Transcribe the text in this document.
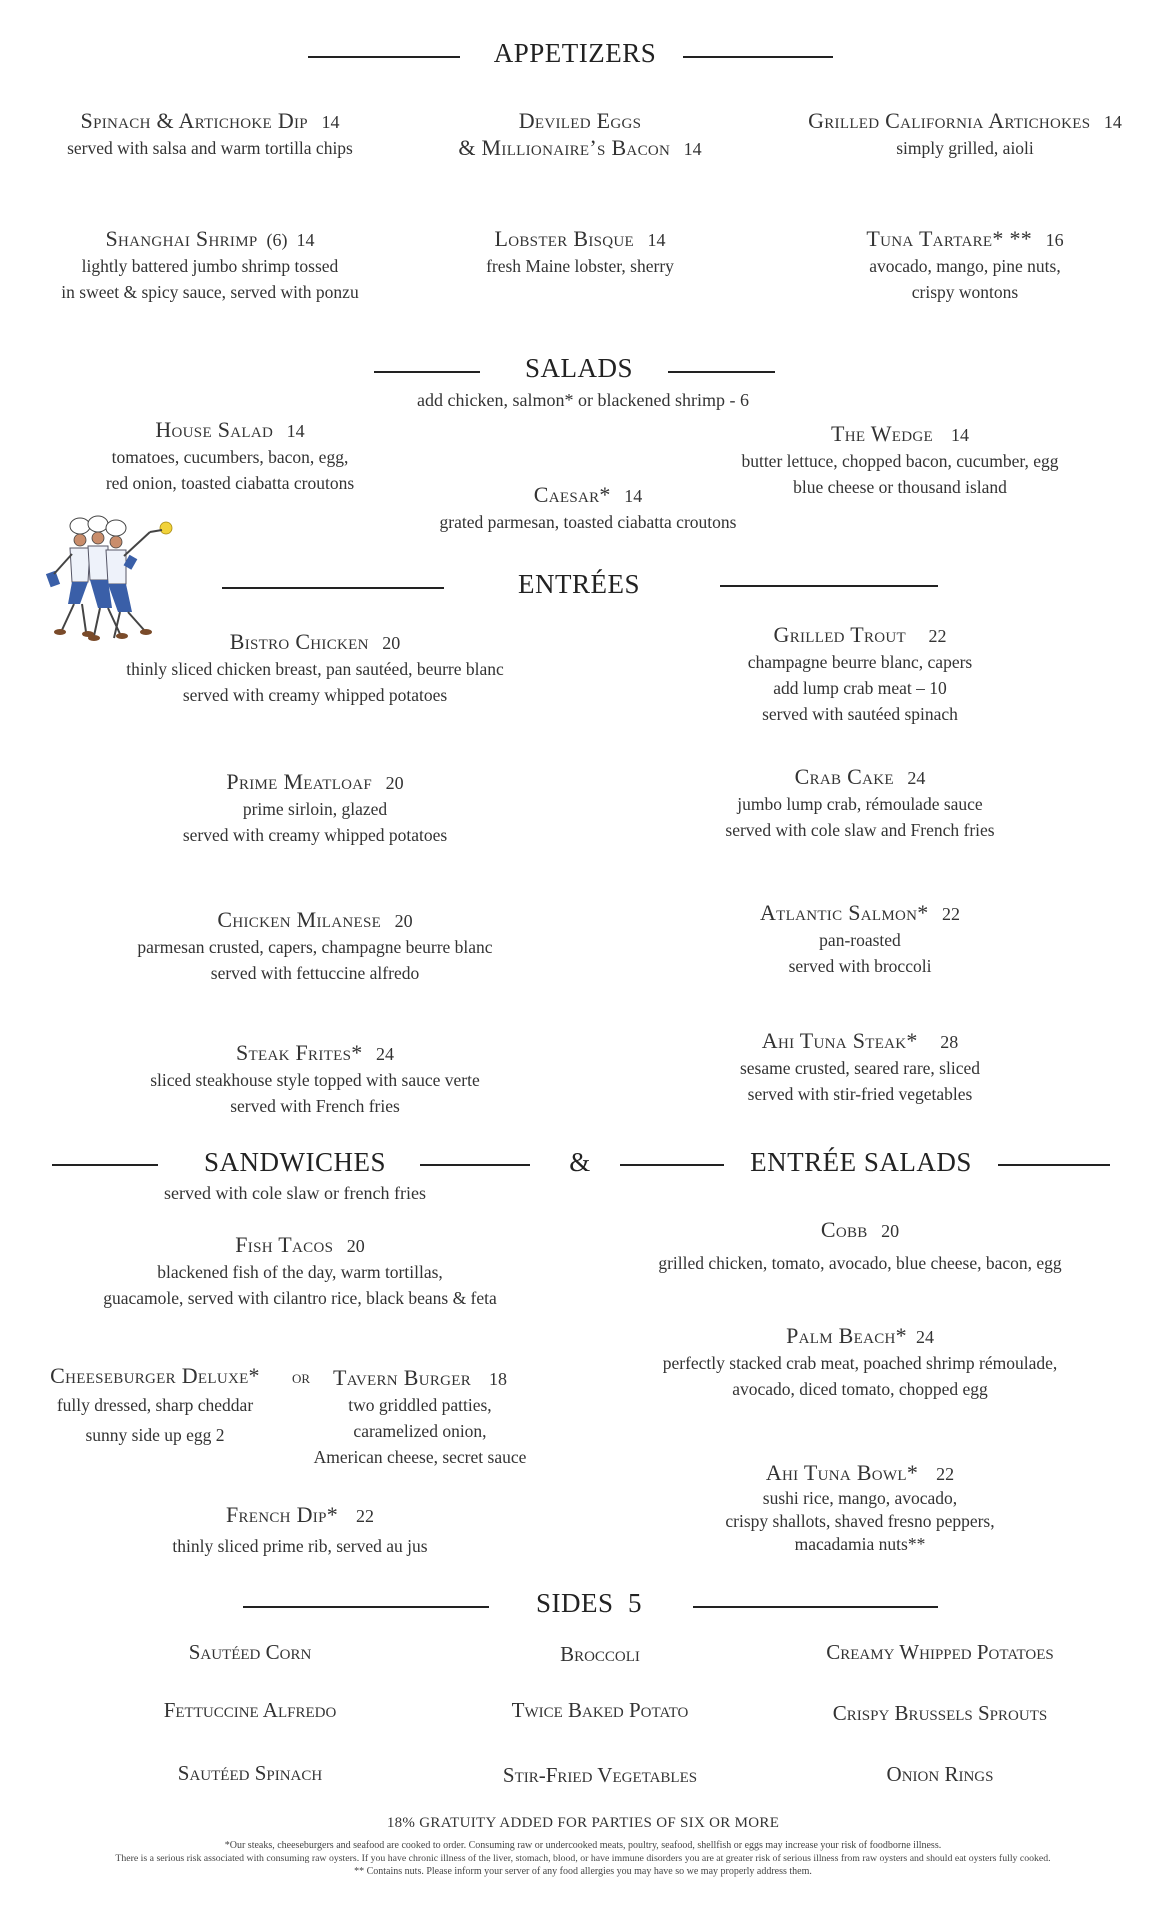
APPETIZERS
Spinach & Artichoke Dip 14
served with salsa and warm tortilla chips
Deviled Eggs
& Millionaire’s Bacon 14
Grilled California Artichokes 14
simply grilled, aioli
Shanghai Shrimp (6) 14
lightly battered jumbo shrimp tossed
in sweet & spicy sauce, served with ponzu
Lobster Bisque 14
fresh Maine lobster, sherry
Tuna Tartare* ** 16
avocado, mango, pine nuts,
crispy wontons
SALADS
add chicken, salmon* or blackened shrimp - 6
House Salad 14
tomatoes, cucumbers, bacon, egg,
red onion, toasted ciabatta croutons
The Wedge 14
butter lettuce, chopped bacon, cucumber, egg
blue cheese or thousand island
Caesar* 14
grated parmesan, toasted ciabatta croutons
ENTRÉES
Bistro Chicken 20
thinly sliced chicken breast, pan sautéed, beurre blanc
served with creamy whipped potatoes
Grilled Trout 22
champagne beurre blanc, capers
add lump crab meat – 10
served with sautéed spinach
Prime Meatloaf 20
prime sirloin, glazed
served with creamy whipped potatoes
Crab Cake 24
jumbo lump crab, rémoulade sauce
served with cole slaw and French fries
Chicken Milanese 20
parmesan crusted, capers, champagne beurre blanc
served with fettuccine alfredo
Atlantic Salmon* 22
pan-roasted
served with broccoli
Steak Frites* 24
sliced steakhouse style topped with sauce verte
served with French fries
Ahi Tuna Steak* 28
sesame crusted, seared rare, sliced
served with stir-fried vegetables
SANDWICHES	&	ENTRÉE SALADS
served with cole slaw or french fries
Fish Tacos 20
blackened fish of the day, warm tortillas,
guacamole, served with cilantro rice, black beans & feta
Cheeseburger Deluxe*
fully dressed, sharp cheddar
sunny side up egg 2
or	Tavern Burger 18
two griddled patties,
caramelized onion,
American cheese, secret sauce
French Dip* 22
thinly sliced prime rib, served au jus
Cobb 20
grilled chicken, tomato, avocado, blue cheese, bacon, egg
Palm Beach* 24
perfectly stacked crab meat, poached shrimp rémoulade,
avocado, diced tomato, chopped egg
Ahi Tuna Bowl* 22
sushi rice, mango, avocado,
crispy shallots, shaved fresno peppers,
macadamia nuts**
SIDES 5
Sautéed Corn	Broccoli	Creamy Whipped Potatoes
Fettuccine Alfredo	Twice Baked Potato	Crispy Brussels Sprouts
Sautéed Spinach	Stir-Fried Vegetables	Onion Rings
18% GRATUITY ADDED FOR PARTIES OF SIX OR MORE
*Our steaks, cheeseburgers and seafood are cooked to order. Consuming raw or undercooked meats, poultry, seafood, shellfish or eggs may increase your risk of foodborne illness.
There is a serious risk associated with consuming raw oysters. If you have chronic illness of the liver, stomach, blood, or have immune disorders you are at greater risk of serious illness from raw oysters and should eat oysters fully cooked.
** Contains nuts. Please inform your server of any food allergies you may have so we may properly address them.
